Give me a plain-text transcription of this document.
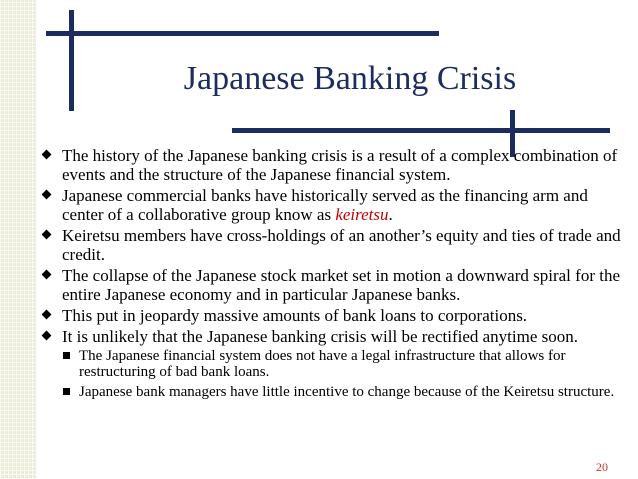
Japanese Banking Crisis
The history of the Japanese banking crisis is a result of a complex combination of events and the structure of the Japanese financial system.
Japanese commercial banks have historically served as the financing arm and center of a collaborative group know as keiretsu.
Keiretsu members have cross-holdings of an another’s equity and ties of trade and credit.
The collapse of the Japanese stock market set in motion a downward spiral for the entire Japanese economy and in particular Japanese banks.
This put in jeopardy massive amounts of bank loans to corporations.
It is unlikely that the Japanese banking crisis will be rectified anytime soon.
The Japanese financial system does not have a legal infrastructure that allows for restructuring of bad bank loans.
Japanese bank managers have little incentive to change because of the Keiretsu structure.
20
